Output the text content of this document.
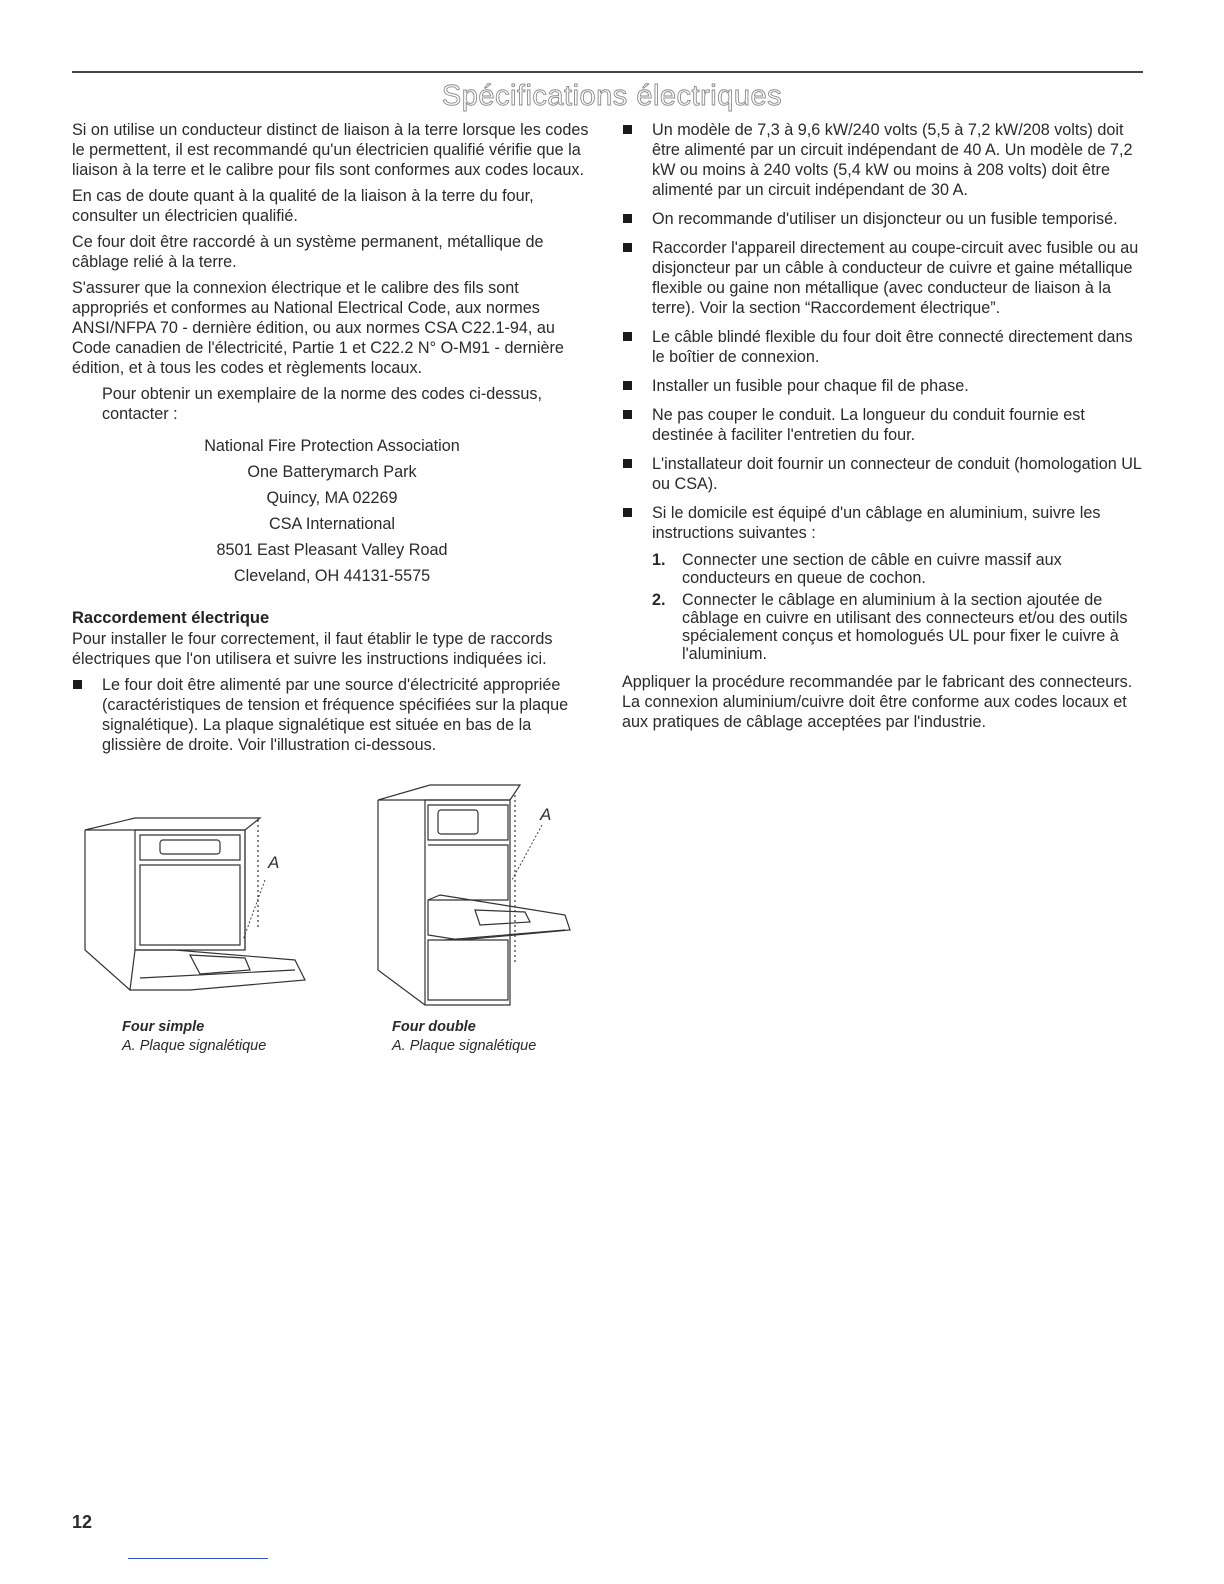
Spécifications électriques

Si on utilise un conducteur distinct de liaison à la terre lorsque les codes le permettent, il est recommandé qu'un électricien qualifié vérifie que la liaison à la terre et le calibre pour fils sont conformes aux codes locaux.

En cas de doute quant à la qualité de la liaison à la terre du four, consulter un électricien qualifié.

Ce four doit être raccordé à un système permanent, métallique de câblage relié à la terre.

S'assurer que la connexion électrique et le calibre des fils sont appropriés et conformes au National Electrical Code, aux normes ANSI/NFPA 70 - dernière édition, ou aux normes CSA C22.1-94, au Code canadien de l'électricité, Partie 1 et C22.2 N° O-M91 - dernière édition, et à tous les codes et règlements locaux.

Pour obtenir un exemplaire de la norme des codes ci-dessus, contacter :

National Fire Protection Association

One Batterymarch Park

Quincy, MA 02269

CSA International

8501 East Pleasant Valley Road

Cleveland, OH 44131-5575

Raccordement électrique

Pour installer le four correctement, il faut établir le type de raccords électriques que l'on utilisera et suivre les instructions indiquées ici.

Le four doit être alimenté par une source d'électricité appropriée (caractéristiques de tension et fréquence spécifiées sur la plaque signalétique). La plaque signalétique est située en bas de la glissière de droite. Voir l'illustration ci-dessous.
A
A
Four simple
A. Plaque signalétique
Four double
A. Plaque signalétique
Un modèle de 7,3 à 9,6 kW/240 volts (5,5 à 7,2 kW/208 volts) doit être alimenté par un circuit indépendant de 40 A. Un modèle de 7,2 kW ou moins à 240 volts (5,4 kW ou moins à 208 volts) doit être alimenté par un circuit indépendant de 30 A.
On recommande d'utiliser un disjoncteur ou un fusible temporisé.
Raccorder l'appareil directement au coupe-circuit avec fusible ou au disjoncteur par un câble à conducteur de cuivre et gaine métallique flexible ou gaine non métallique (avec conducteur de liaison à la terre). Voir la section “Raccordement électrique”.
Le câble blindé flexible du four doit être connecté directement dans le boîtier de connexion.
Installer un fusible pour chaque fil de phase.
Ne pas couper le conduit. La longueur du conduit fournie est destinée à faciliter l'entretien du four.
L'installateur doit fournir un connecteur de conduit (homologation UL ou CSA).
Si le domicile est équipé d'un câblage en aluminium, suivre les instructions suivantes :
1. Connecter une section de câble en cuivre massif aux conducteurs en queue de cochon.
2. Connecter le câblage en aluminium à la section ajoutée de câblage en cuivre en utilisant des connecteurs et/ou des outils spécialement conçus et homologués UL pour fixer le cuivre à l'aluminium.

Appliquer la procédure recommandée par le fabricant des connecteurs. La connexion aluminium/cuivre doit être conforme aux codes locaux et aux pratiques de câblage acceptées par l'industrie.

12
